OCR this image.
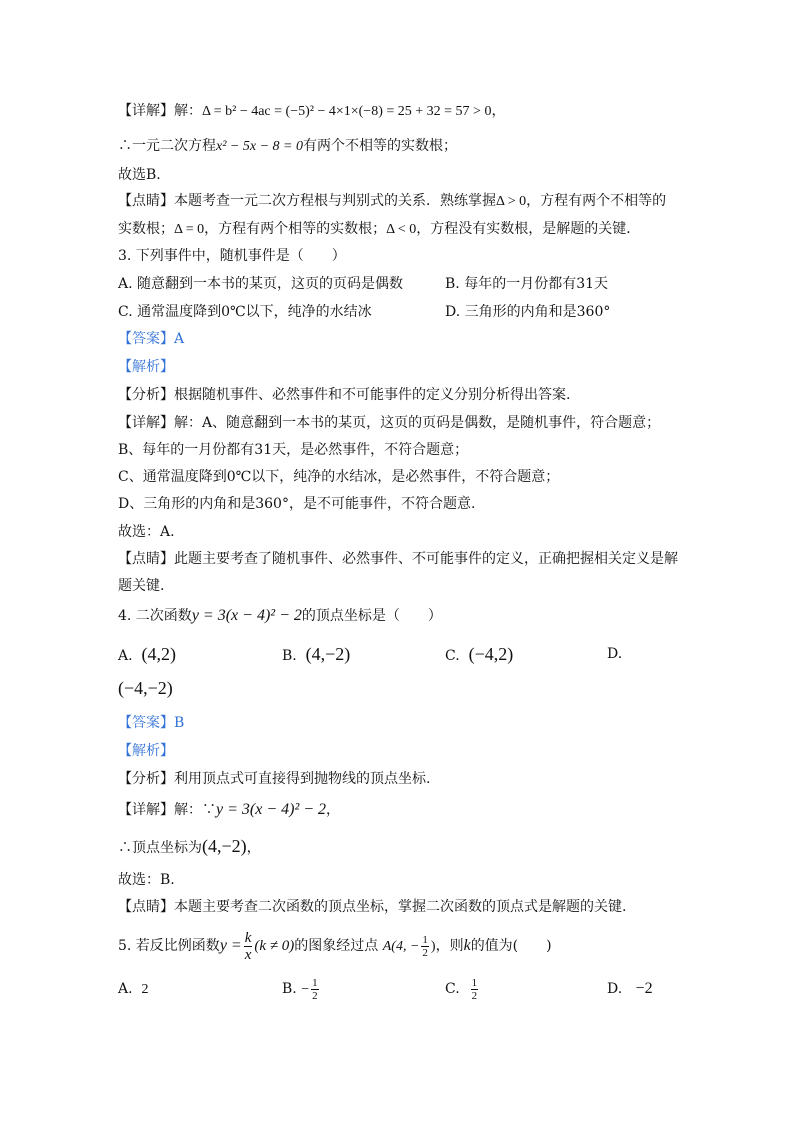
【详解】解：Δ = b² − 4ac = (−5)² − 4×1×(−8) = 25 + 32 = 57 > 0，
∴一元二次方程x² − 5x − 8 = 0有两个不相等的实数根；
故选B.
【点睛】本题考查一元二次方程根与判别式的关系．熟练掌握Δ > 0，方程有两个不相等的
实数根；Δ = 0，方程有两个相等的实数根；Δ < 0，方程没有实数根，是解题的关键．
3. 下列事件中，随机事件是（　　）
A. 随意翻到一本书的某页，这页的页码是偶数	B. 每年的一月份都有31天
C. 通常温度降到0℃以下，纯净的水结冰	D. 三角形的内角和是360°
【答案】A
【解析】
【分析】根据随机事件、必然事件和不可能事件的定义分别分析得出答案.
【详解】解：A、随意翻到一本书的某页，这页的页码是偶数，是随机事件，符合题意；
B、每年的一月份都有31天，是必然事件，不符合题意；
C、通常温度降到0℃以下，纯净的水结冰，是必然事件，不符合题意；
D、三角形的内角和是360°，是不可能事件，不符合题意.
故选：A.
【点睛】此题主要考查了随机事件、必然事件、不可能事件的定义，正确把握相关定义是解
题关键.
4. 二次函数y = 3(x − 4)² − 2的顶点坐标是（　　）
A. (4,2)	B. (4,−2)	C. (−4,2)	D.
(−4,−2)
【答案】B
【解析】
【分析】利用顶点式可直接得到抛物线的顶点坐标.
【详解】解：∵y = 3(x − 4)² − 2，
∴顶点坐标为(4,−2)，
故选：B.
【点睛】本题主要考查二次函数的顶点坐标，掌握二次函数的顶点式是解题的关键.
5. 若反比例函数$y = \frac{k}{x} (k \ne 0)$的图象经过点 A(4, − $\frac{1}{2}$ )，则k的值为(　　)
A. 2	B. − $\frac{1}{2}$	C. $\frac{1}{2}$	D. −2
